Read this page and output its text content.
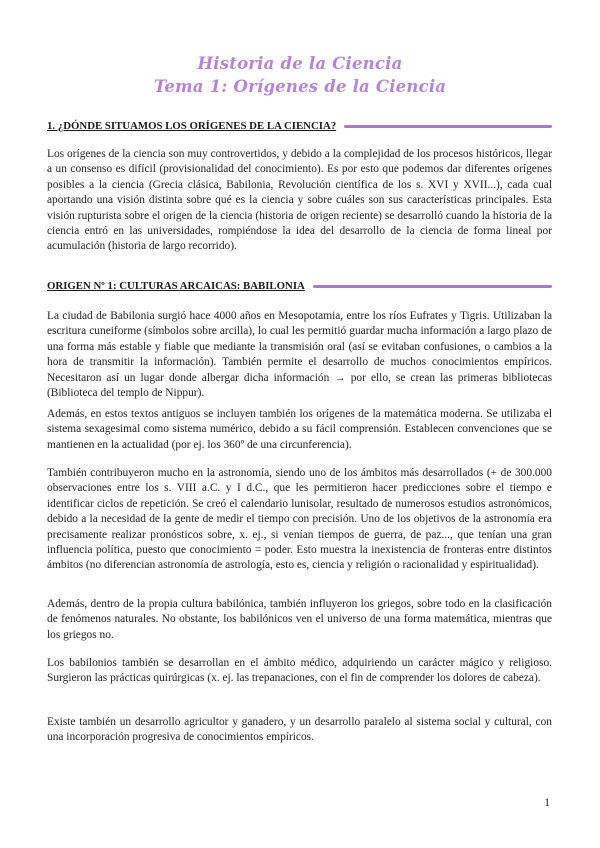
Historia de la Ciencia
Tema 1: Orígenes de la Ciencia
1. ¿DÓNDE SITUAMOS LOS ORÍGENES DE LA CIENCIA?

Los orígenes de la ciencia son muy controvertidos, y debido a la complejidad de los procesos históricos, llegar a un consenso es difícil (provisionalidad del conocimiento). Es por esto que podemos dar diferentes orígenes posibles a la ciencia (Grecia clásica, Babilonia, Revolución científica de los s. XVI y XVII...), cada cual aportando una visión distinta sobre qué es la ciencia y sobre cuáles son sus características principales. Esta visión rupturista sobre el origen de la ciencia (historia de origen reciente) se desarrolló cuando la historia de la ciencia entró en las universidades, rompiéndose la idea del desarrollo de la ciencia de forma lineal por acumulación (historia de largo recorrido).

ORIGEN Nº 1: CULTURAS ARCAICAS: BABILONIA

La ciudad de Babilonia surgió hace 4000 años en Mesopotamia, entre los ríos Eufrates y Tigris. Utilizaban la escritura cuneiforme (símbolos sobre arcilla), lo cual les permitió guardar mucha información a largo plazo de una forma más estable y fiable que mediante la transmisión oral (así se evitaban confusiones, o cambios a la hora de transmitir la información). También permite el desarrollo de muchos conocimientos empíricos. Necesitaron así un lugar donde albergar dicha información → por ello, se crean las primeras bibliotecas (Biblioteca del templo de Nippur).

Además, en estos textos antiguos se incluyen también los orígenes de la matemática moderna. Se utilizaba el sistema sexagesimal como sistema numérico, debido a su fácil comprensión. Establecen convenciones que se mantienen en la actualidad (por ej. los 360º de una circunferencia).

También contribuyeron mucho en la astronomía, siendo uno de los ámbitos más desarrollados (+ de 300.000 observaciones entre los s. VIII a.C. y I d.C., que les permitieron hacer predicciones sobre el tiempo e identificar ciclos de repetición. Se creó el calendario lunisolar, resultado de numerosos estudios astronómicos, debido a la necesidad de la gente de medir el tiempo con precisión. Uno de los objetivos de la astronomía era precisamente realizar pronósticos sobre, x. ej., si venían tiempos de guerra, de paz..., que tenían una gran influencia política, puesto que conocimiento = poder. Esto muestra la inexistencia de fronteras entre distintos ámbitos (no diferencian astronomía de astrología, esto es, ciencia y religión o racionalidad y espiritualidad).

Además, dentro de la propia cultura babilónica, también influyeron los griegos, sobre todo en la clasificación de fenómenos naturales. No obstante, los babilónicos ven el universo de una forma matemática, mientras que los griegos no.

Los babilonios también se desarrollan en el ámbito médico, adquiriendo un carácter mágico y religioso. Surgieron las prácticas quirúrgicas (x. ej. las trepanaciones, con el fin de comprender los dolores de cabeza).

Existe también un desarrollo agricultor y ganadero, y un desarrollo paralelo al sistema social y cultural, con una incorporación progresiva de conocimientos empíricos.

1
